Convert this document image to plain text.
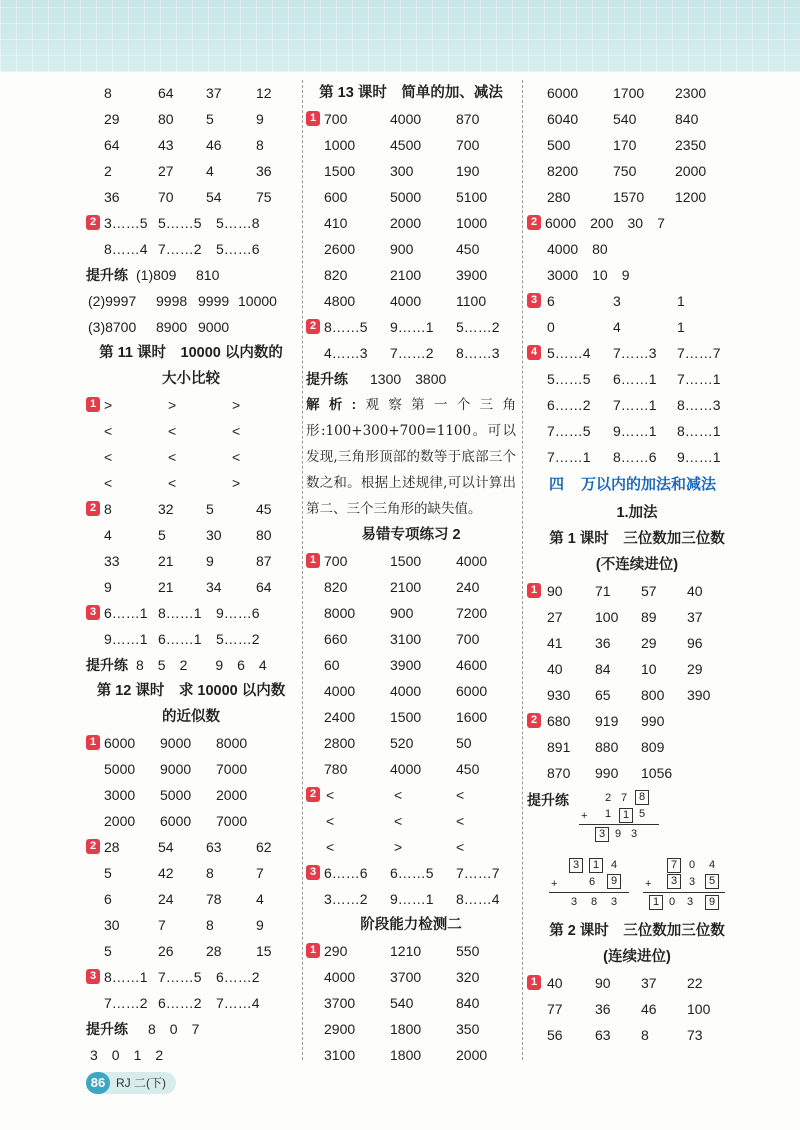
8	64 37 12
29	80 5	9
64	43 46 8
2	27 4	36
36	70 54 75
2 3……5 5……5 5……8
8……4 7……2 5……6
提升练 (1)809 810
(2)9997 9998 9999 10000
(3)8700 8900 9000
第 11 课时　10000 以内数的
大小比较
1 >	>	>
<	<	<
<	<	<
<	<	>
2 8	32 5	45
4	5	30 80
33	21 9	87
9	21 34 64
3 6……1 8……1 9……6
9……1 6……1 5……2
提升练 8　5　2　　9　6　4
第 12 课时　求 10000 以内数
的近似数
1 6000 9000 8000
5000 9000 7000
3000 5000 2000
2000 6000 7000
2 28	54 63 62
5	42 8	7
6	24 78 4
30	7	8	9
5	26 28 15
3 8……1 7……5 6……2
7……2 6……2 7……4
提升练 8　0　7
3　0　1　2
第 13 课时　简单的加、减法
1 700	4000 870
1000 4500 700
1500 300	190
600	5000 5100
410	2000 1000
2600 900	450
820	2100 3900
4800 4000 1100
2 8……5 9……1 5……2
4……3 7……2 8……3
提升练 1300　3800
解析:观察第一个三角形:100+300+700=1100。可以发现,三角形顶部的数等于底部三个数之和。根据上述规律,可以计算出第二、三个三角形的缺失值。
易错专项练习 2
1 700	1500 4000
820	2100 240
8000 900	7200
660	3100 700
60	3900 4600
4000 4000 6000
2400 1500 1600
2800 520	50
780	4000 450
2 <	<	<
<	<	<
<	>	<
3 6……6 6……5 7……7
3……2 9……1 8……4
阶段能力检测二
1 290	1210 550
4000 3700 320
3700 540	840
2900 1800 350
3100 1800 2000
6000 1700 2300
6040 540	840
500	170	2350
8200 750	2000
280	1570 1200
2 6000　200　30　7
4000　80
3000　10　9
3 6	3	1
0	4	1
4 5……4 7……3 7……7
5……5 6……1 7……1
6……2 7……1 8……3
7……5 9……1 8……1
7……1 8……6 9……1
四 万以内的加法和减法
1.加法
第 1 课时　三位数加三位数
(不连续进位)
1 90 71 57 40
27 100 89 37
41 36 29 96
40 84 10 29
930 65 800 390
2 680 919 990
891 880 809
870 990 1056
提升练	2 7	8
+ 1	1 5
3 9 3
3	1	4
+	6	9
3 8 3
7	0 4
+	3	3	5
1 0 3	9
第 2 课时　三位数加三位数
(连续进位)
1 40 90 37 22
77 36 46 100
56 63 8	73
86 RJ 二(下)
